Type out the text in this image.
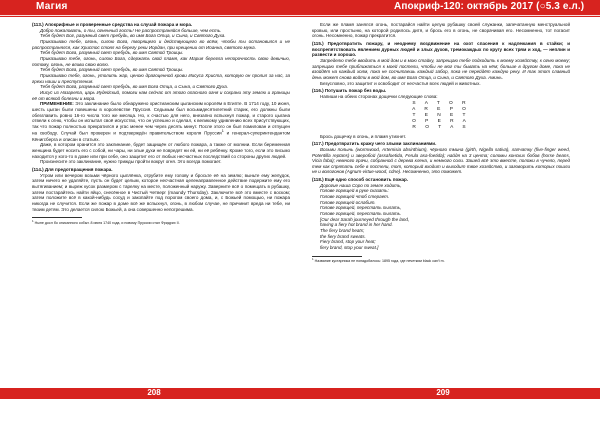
Магия	Апокриф-120: октябрь 2017 (○5.3 е.л.)

(113.) Апокрифные и проверенные средства на случай пожара и мора.

Добро пожаловать, о ты, огненный гость! Не распространяйся больше, чем есть.

Тебя будет Бог, разумный свет пребудь, во имя Бога Отца, и Сына, и Святого Духа.

Приказываю тебе, огонь, силою Бога, творящего и действующего во всём, чтобы ты остановился и не распространялся, как Христос стоял на берегу реки Иордан, при крещении от Иоанна, святого мужа.

Тебя будет Бога, разумный свет пребудь, во имя Святой Троицы.

Приказываю тебе, огонь, силою Бога, сдержать свой пламя, как Мария берегла непорочность свою девичью, потому, огонь, не вливи свою волю.

Тебя будет Бога, разумный свет пребудь, во имя Святой Троицы.

Приказываю тебе, огонь, утолить жар, ценою драгоценной крови Иисуса Христа, которую он пролил за нас, за грехи наши и преступления.

Тебя будет Бога, разумный свет пребудь, во имя Бога Отца, и Сына, и Святого Духа.

Иисус из Назарета, царь Иудейский, помоги нам сейчас от этого опасного огня и сохрани эту землю и границы её от всякой болезни и мора.

ПРИМЕНЕНИЕ: Это заклинание было обнаружено христианским цыганским королём в Египте. В 1714 году, 10 июня, шесть цыган были повешены в королевстве Пруссия. Седьмым был восьмидесятилетний старик, его должны были обезглавить ровно 16-го числа того же месяца. Но, к счастью для него, внезапно вспыхнул пожар, и старого цыгана отвели к огню, чтобы он испытал своё искусство, что он успешно и сделал, к великому удивлению всех присутствующих, так что пожар полностью прекратился и угас менее чем через десять минут. После этого он был помилован и отпущен на свободу. Случай был проверен и подтверждён правительством короля Пруссии$^1$ и генерал-суперинтендантом Кёнигсберга и описан в статьях.

Даже, в котором хранится это заклинание, будет защищён от любого пожара, а также от молнии. Если беременная женщина будет носить его с собой, ни чары, ни злые духи не повредят ни ей, ни её ребёнку. Кроме того, если это письмо находится у кого-то в доме или при себе, оно защитит его от любых несчастных последствий со стороны других людей.

Произнесите это заклинание, нужно трижды пройти вокруг огня. Это всегда помогает.

(114.) Для предотвращения пожара.

Утром или вечером возьми чёрного цыплёнка, отрубите ему голову и бросьте её на землю; выньте ему желудок, затем ничего не удаляйте, пусть он будет целым, которое несчастная целенаправленное действие подержите ему его вытягиванием; и выреж кусок размером с тарелку на месте, положенный наружу. Заверните всё о помещать в рубашку, затем постарайтесь найти яйцо, снесённое в Чистый Четверг (maundy Thursday). Заключите всё это вместе с воском; затем положите всё в какой-нибудь сосуд и закопайте под порогом своего дома, и, с Божьей помощью, ни пожара никогда не случится. Если же пожар в доме всё же вспыхнул, огонь, в любом случае, не причинит вреда ни тебе, ни твоим детям. Это делается силою Божьей, а она совершенно непогрешима.

$^1$ Ныне досл бо описанного событ. 8 июня 1740 года, и новому Пруссии стал Фридрих II.

Если же пламя занялся огонь, постарайся найти целую рубашку своей служанки, запечатанную менструальной кровью, или простыню, на которой родилось дитя, и брось его в огонь, не сворачивая его. Несомненно, тот погасит огонь. Несомненно, пожар прекратится.

(115.) Предотвратить пожару, и неоднему воздвижение на охот спасения к надлежания в стайки; и воспрепятствовать явлением дурных людей и злых духов, тремокаждых по кругу всех трям и ход, — неплин и развести и хорошо.

Запределю тебе вводить в мой дом и в мою стайку, запрещаю тебе подходить к моему хозяйству, к огню моему; запрещаю тебе приближаться к моей постели, чтобы не мог ты бывать на нём; больше в другом доме, пока не взойдёт на каждый холм, пока не сосчитаешь каждый забор, пока не перейдёт каждую реку. И так этот славный день может снова войти в мой дом, во имя Бога Отца, и Сына, и Святого Духа. Аминь.

Безусловно, это защитит и освободит от несчастья всех людей и животных.

(116.) Потушить пожар без воды.

Напиши на обеих сторонах дощечки следующие слова:

S A T O R
A R E P O
T E N E T
O P E R A
R O T A S

Брось дощечку в огонь, и пламя утихнет.

(117.) Предотвратить кражу чего злыми заклинаниями.

Возьми полынь (wormwood, Artemisia absinthium), чёрного тмина (girth, Nigella sativa), лапчатку (five-finger weed, Potentilla reptans) и зверобой (assafoetida, Ferula asa-foetida); найдя на 3 цента; соломы конских бобов (horse beans, Vicia faba); немного грачи, собранной с дерева клена, и немного соли. Зашей всё это вместе, положи в чучело, перед тем как спрятать себе в постели, тот, который входит и выходит твое хозяйство, и заговорить которых пошли не и вологонов (Agnum-virtue-wood, cdne). Несомненно, это поможет.

(118.) Ещё одно способ остановить пожар.

Дорогие наша Соро по земле ходить,

Голове горящей в руке сказать:

Голове горящей чтоб стерает.

Голове горящей ослабит.

Голове горящей, перестать пылать,

Голове горящей, перестать пылать.

[Our dear Sarah journeyed through the land,

having a fiery hot brand in her hand.

The fiery brand heats;

the fiery brand sweats.

Fiery brand, stop your heat;

fiery brand, stop your sweat.]

$^1$ Название кустарника не понадобилось: 1895 года, где нечетким black can't m.

208	209
